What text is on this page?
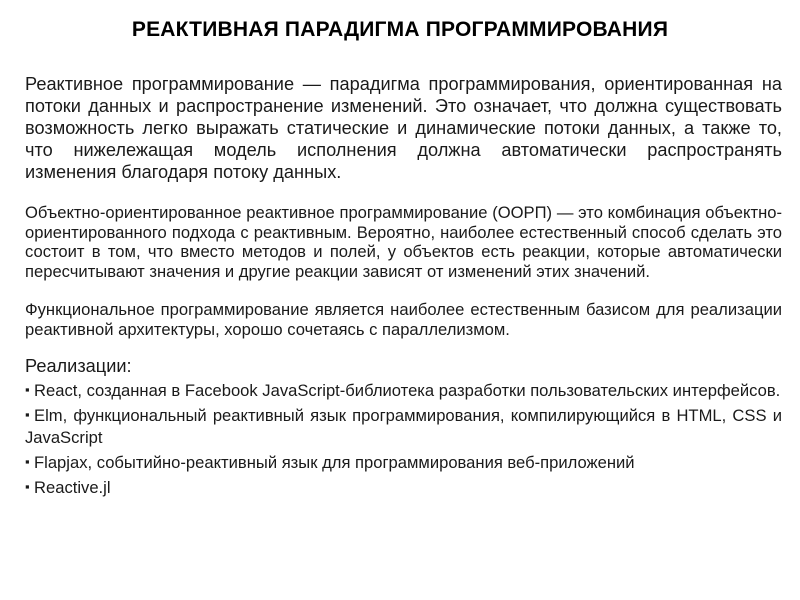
РЕАКТИВНАЯ ПАРАДИГМА ПРОГРАММИРОВАНИЯ

Реактивное программирование — парадигма программирования, ориентированная на потоки данных и распространение изменений. Это означает, что должна существовать возможность легко выражать статические и динамические потоки данных, а также то, что нижележащая модель исполнения должна автоматически распространять изменения благодаря потоку данных.

Объектно-ориентированное реактивное программирование (ООРП) — это комбинация объектно-ориентированного подхода с реактивным. Вероятно, наиболее естественный способ сделать это состоит в том, что вместо методов и полей, у объектов есть реакции, которые автоматически пересчитывают значения и другие реакции зависят от изменений этих значений.

Функциональное программирование является наиболее естественным базисом для реализации реактивной архитектуры, хорошо сочетаясь с параллелизмом.

Реализации:
▪ React, созданная в Facebook JavaScript-библиотека разработки пользовательских интерфейсов.
▪ Elm, функциональный реактивный язык программирования, компилирующийся в HTML, CSS и JavaScript
▪ Flapjax, событийно-реактивный язык для программирования веб-приложений
▪ Reactive.jl
